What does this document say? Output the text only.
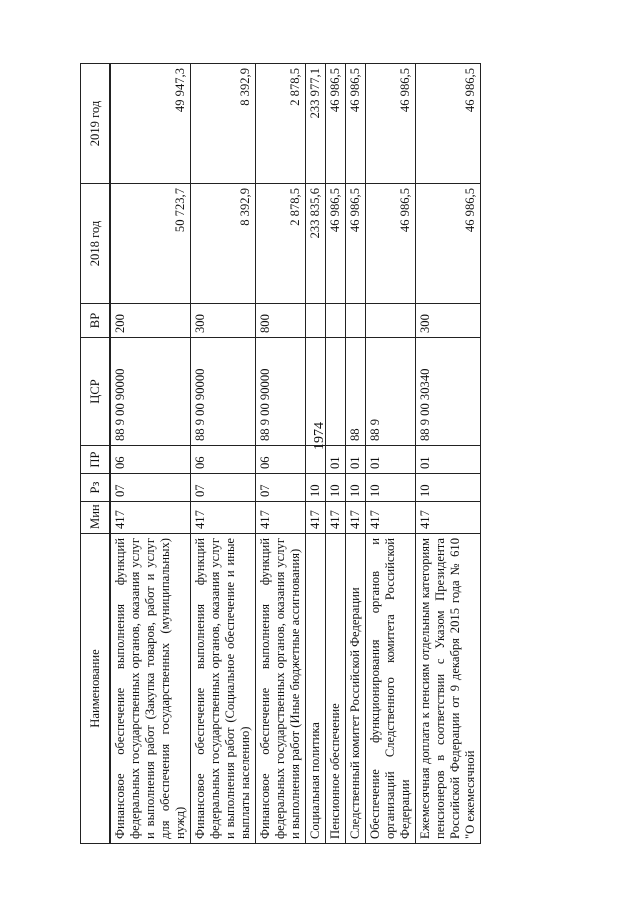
1974
Наименование	Мин	Рз	ПР	ЦСР	ВР	2018 год	2019 год
Финансовое обеспечение выполнения функций федеральных государственных органов, оказания услуг и выполнения работ (Закупка товаров, работ и услуг для обеспечения государственных (муниципальных) нужд)	417	07	06	88 9 00 90000	200	50 723,7	49 947,3
Финансовое обеспечение выполнения функций федеральных государственных органов, оказания услуг и выполнения работ (Социальное обеспечение и иные выплаты населению)	417	07	06	88 9 00 90000	300	8 392,9	8 392,9
Финансовое обеспечение выполнения функций федеральных государственных органов, оказания услуг и выполнения работ (Иные бюджетные ассигнования)	417	07	06	88 9 00 90000	800	2 878,5	2 878,5
Социальная политика	417	10				233 835,6	233 977,1
Пенсионное обеспечение	417	10	01			46 986,5	46 986,5
Следственный комитет Российской Федерации	417	10	01	88		46 986,5	46 986,5
Обеспечение функционирования органов и организаций Следственного комитета Российской Федерации	417	10	01	88 9		46 986,5	46 986,5
Ежемесячная доплата к пенсиям отдельным категориям пенсионеров в соответствии с Указом Президента Российской Федерации от 9 декабря 2015 года № 610 "О ежемесячной	417	10	01	88 9 00 30340	300	46 986,5	46 986,5
